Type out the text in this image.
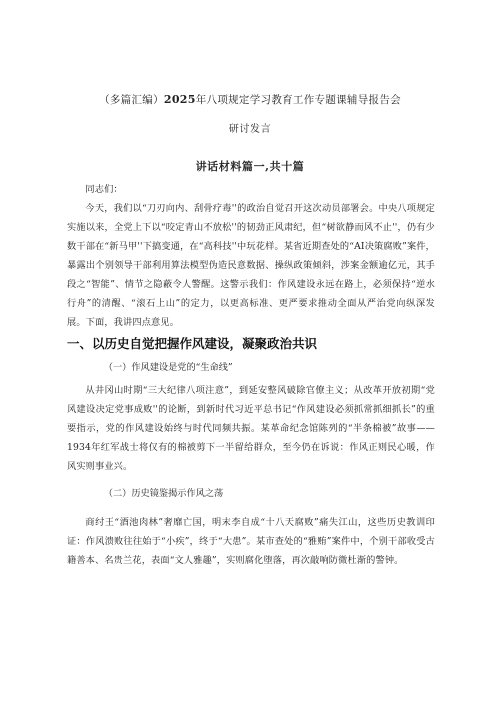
（多篇汇编）2025年八项规定学习教育工作专题课辅导报告会
研讨发言
讲话材料篇一,共十篇

同志们：

今天，我们以“刀刃向内、刮骨疗毒''的政治自觉召开这次动员部署会。中央八项规定实施以来，全党上下以“咬定青山不放松''的韧劲正风肃纪，但“树欲静而风不止''，仍有少数干部在“新马甲''下搞变通，在“高科技''中玩花样。某省近期查处的“AI决策腐败”案件，暴露出个别领导干部利用算法模型伪造民意数据、操纵政策倾斜，涉案金额逾亿元，其手段之“智能”、情节之隐蔽令人警醒。这警示我们：作风建设永远在路上，必须保持“逆水行舟”的清醒、“滚石上山”的定力，以更高标准、更严要求推动全面从严治党向纵深发展。下面，我讲四点意见。

一、以历史自觉把握作风建设，凝聚政治共识

（一）作风建设是党的“生命线”

从井冈山时期“三大纪律八项注意”，到延安整风破除官僚主义；从改革开放初期“党风建设决定党事成败''的论断，到新时代习近平总书记“作风建设必须抓常抓细抓长”的重要指示，党的作风建设始终与时代同频共振。某革命纪念馆陈列的“半条棉被”故事——1934年红军战士将仅有的棉被剪下一半留给群众，至今仍在诉说：作风正则民心暖，作风实则事业兴。

（二）历史镜鉴揭示作风之荡

商纣王“酒池肉林”奢靡亡国，明末李自成“十八天腐败”痛失江山，这些历史教训印证：作风溃败往往始于“小疾”，终于“大患”。某市查处的“雅贿”案件中，个别干部收受古籍善本、名贵兰花，表面“文人雅趣”，实则腐化堕落，再次敲响防微杜渐的警钟。
